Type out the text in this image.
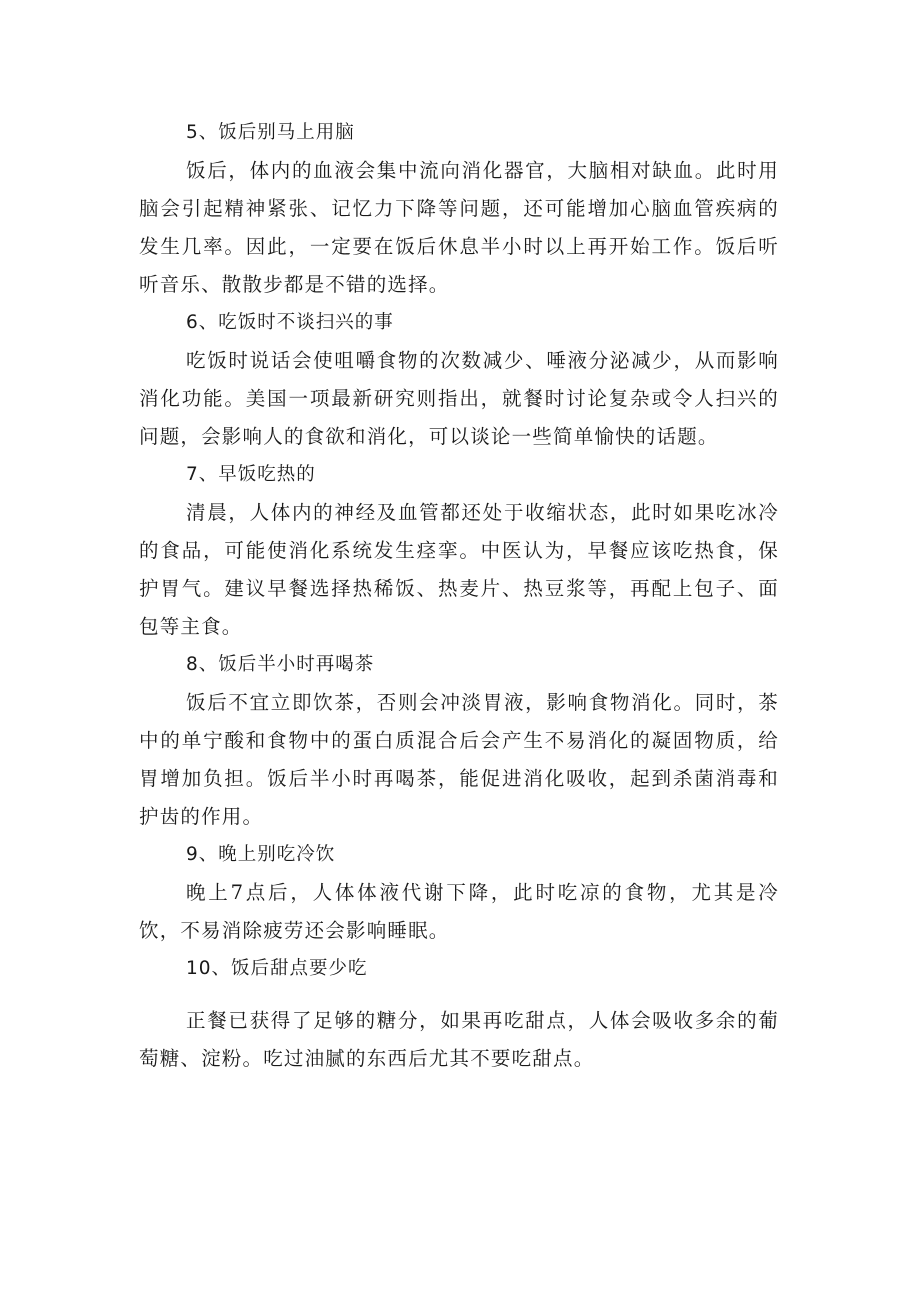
5、饭后别马上用脑

饭后，体内的血液会集中流向消化器官，大脑相对缺血。此时用脑会引起精神紧张、记忆力下降等问题，还可能增加心脑血管疾病的发生几率。因此，一定要在饭后休息半小时以上再开始工作。饭后听听音乐、散散步都是不错的选择。

6、吃饭时不谈扫兴的事

吃饭时说话会使咀嚼食物的次数减少、唾液分泌减少，从而影响消化功能。美国一项最新研究则指出，就餐时讨论复杂或令人扫兴的问题，会影响人的食欲和消化，可以谈论一些简单愉快的话题。

7、早饭吃热的

清晨，人体内的神经及血管都还处于收缩状态，此时如果吃冰冷的食品，可能使消化系统发生痉挛。中医认为，早餐应该吃热食，保护胃气。建议早餐选择热稀饭、热麦片、热豆浆等，再配上包子、面包等主食。

8、饭后半小时再喝茶

饭后不宜立即饮茶，否则会冲淡胃液，影响食物消化。同时，茶中的单宁酸和食物中的蛋白质混合后会产生不易消化的凝固物质，给胃增加负担。饭后半小时再喝茶，能促进消化吸收，起到杀菌消毒和护齿的作用。

9、晚上别吃冷饮

晚上7点后，人体体液代谢下降，此时吃凉的食物，尤其是冷饮，不易消除疲劳还会影响睡眠。

10、饭后甜点要少吃

正餐已获得了足够的糖分，如果再吃甜点，人体会吸收多余的葡萄糖、淀粉。吃过油腻的东西后尤其不要吃甜点。
